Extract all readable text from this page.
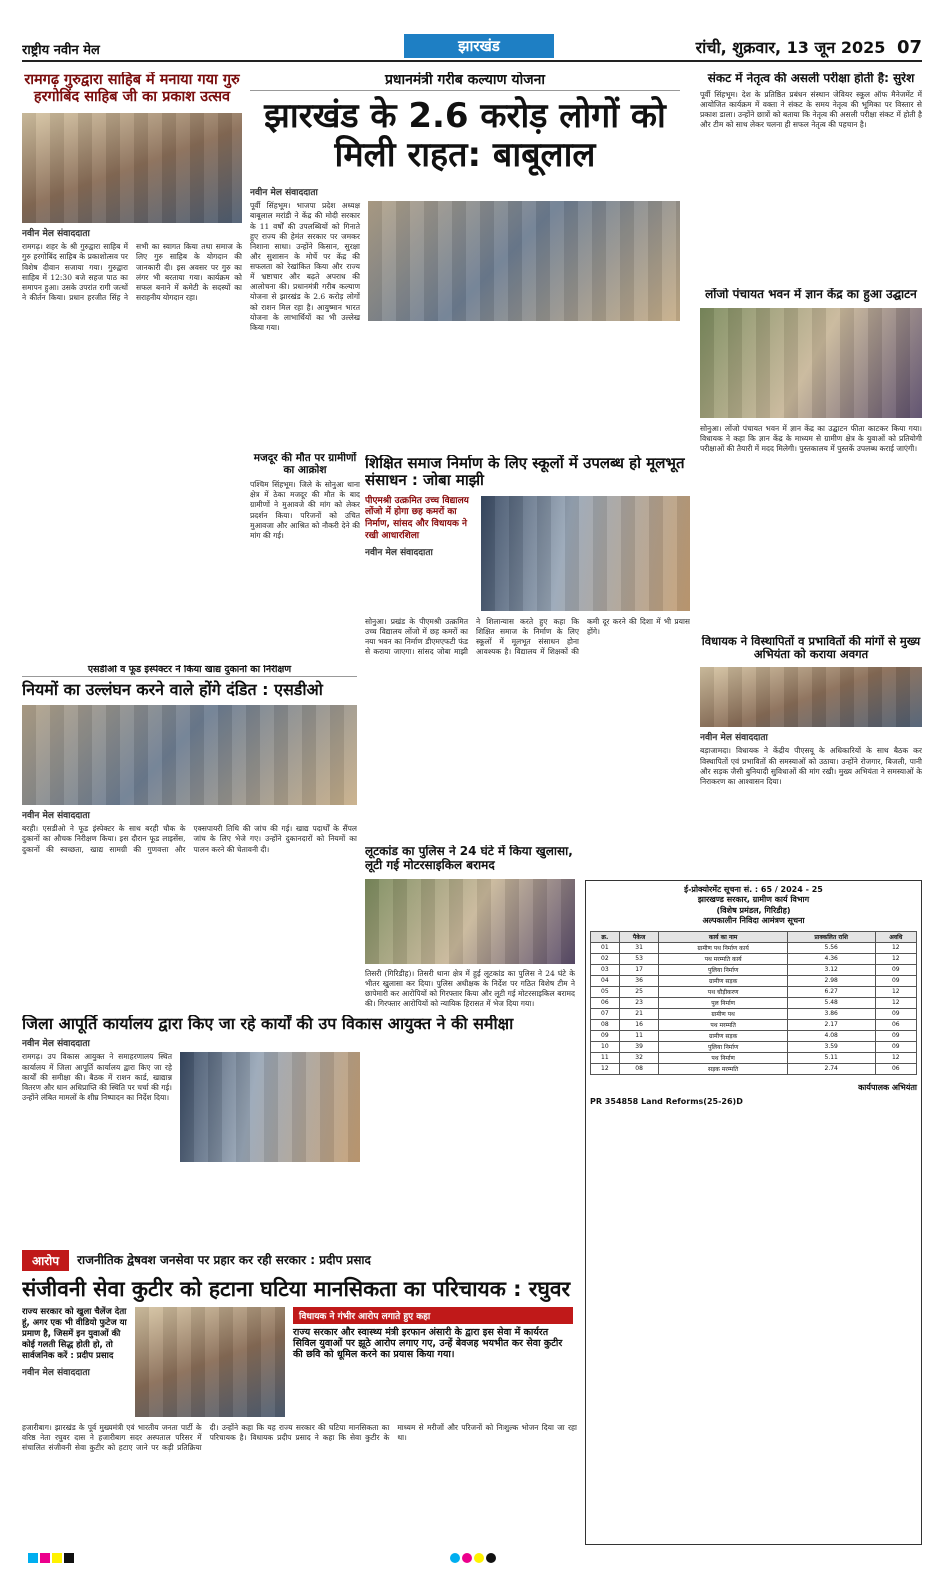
राष्ट्रीय नवीन मेल	झारखंड	रांची, शुक्रवार, 13 जून 2025 07
रामगढ़ गुरुद्वारा साहिब में मनाया गया गुरु हरगोबिंद साहिब जी का प्रकाश उत्सव
नवीन मेल संवाददाता
रामगढ़। शहर के श्री गुरुद्वारा साहिब में गुरु हरगोबिंद साहिब के प्रकाशोत्सव पर विशेष दीवान सजाया गया। गुरुद्वारा साहिब में 12:30 बजे सहज पाठ का समापन हुआ। उसके उपरांत रागी जत्थों ने कीर्तन किया। प्रधान हरजीत सिंह ने सभी का स्वागत किया तथा समाज के लिए गुरु साहिब के योगदान की जानकारी दी। इस अवसर पर गुरु का लंगर भी बरताया गया। कार्यक्रम को सफल बनाने में कमेटी के सदस्यों का सराहनीय योगदान रहा।
प्रधानमंत्री गरीब कल्याण योजना
झारखंड के 2.6 करोड़ लोगों को मिली राहत: बाबूलाल
नवीन मेल संवाददाता
पूर्वी सिंहभूम। भाजपा प्रदेश अध्यक्ष बाबूलाल मरांडी ने केंद्र की मोदी सरकार के 11 वर्षों की उपलब्धियों को गिनाते हुए राज्य की हेमंत सरकार पर जमकर निशाना साधा। उन्होंने किसान, सुरक्षा और सुशासन के मोर्चे पर केंद्र की सफलता को रेखांकित किया और राज्य में भ्रष्टाचार और बढ़ते अपराध की आलोचना की। प्रधानमंत्री गरीब कल्याण योजना से झारखंड के 2.6 करोड़ लोगों को राशन मिल रहा है। आयुष्मान भारत योजना के लाभार्थियों का भी उल्लेख किया गया।
मजदूर की मौत पर ग्रामीणों का आक्रोश
पश्चिम सिंहभूम। जिले के सोनुआ थाना क्षेत्र में ठेका मजदूर की मौत के बाद ग्रामीणों ने मुआवजे की मांग को लेकर प्रदर्शन किया। परिजनों को उचित मुआवजा और आश्रित को नौकरी देने की मांग की गई।
संकट में नेतृत्व की असली परीक्षा होती है: सुरेश
पूर्वी सिंहभूम। देश के प्रतिष्ठित प्रबंधन संस्थान जेवियर स्कूल ऑफ मैनेजमेंट में आयोजित कार्यक्रम में वक्ता ने संकट के समय नेतृत्व की भूमिका पर विस्तार से प्रकाश डाला। उन्होंने छात्रों को बताया कि नेतृत्व की असली परीक्षा संकट में होती है और टीम को साथ लेकर चलना ही सफल नेतृत्व की पहचान है।
लोंजो पंचायत भवन में ज्ञान केंद्र का हुआ उद्घाटन
सोनुआ। लोंजो पंचायत भवन में ज्ञान केंद्र का उद्घाटन फीता काटकर किया गया। विधायक ने कहा कि ज्ञान केंद्र के माध्यम से ग्रामीण क्षेत्र के युवाओं को प्रतियोगी परीक्षाओं की तैयारी में मदद मिलेगी। पुस्तकालय में पुस्तकें उपलब्ध कराई जाएंगी।
शिक्षित समाज निर्माण के लिए स्कूलों में उपलब्ध हो मूलभूत संसाधन : जोबा माझी
पीएमश्री उत्क्रमित उच्च विद्यालय लोंजो में होगा छह कमरों का निर्माण, सांसद और विधायक ने रखी आधारशिला
नवीन मेल संवाददाता
सोनुआ। प्रखंड के पीएमश्री उत्क्रमित उच्च विद्यालय लोंजो में छह कमरों का नया भवन का निर्माण डीएमएफटी फंड से कराया जाएगा। सांसद जोबा माझी ने शिलान्यास करते हुए कहा कि शिक्षित समाज के निर्माण के लिए स्कूलों में मूलभूत संसाधन होना आवश्यक है। विद्यालय में शिक्षकों की कमी दूर करने की दिशा में भी प्रयास होंगे।
विधायक ने विस्थापितों व प्रभावितों की मांगों से मुख्य अभियंता को कराया अवगत
नवीन मेल संवाददाता
बड़ाजामदा। विधायक ने केंद्रीय पीएसयू के अधिकारियों के साथ बैठक कर विस्थापितों एवं प्रभावितों की समस्याओं को उठाया। उन्होंने रोजगार, बिजली, पानी और सड़क जैसी बुनियादी सुविधाओं की मांग रखी। मुख्य अभियंता ने समस्याओं के निराकरण का आश्वासन दिया।
एसडीओ व फूड इंस्पेक्टर ने किया खाद्य दुकानों का निरीक्षण
नियमों का उल्लंघन करने वाले होंगे दंडित : एसडीओ
नवीन मेल संवाददाता
बरही। एसडीओ ने फूड इंस्पेक्टर के साथ बरही चौक के दुकानों का औचक निरीक्षण किया। इस दौरान फूड लाइसेंस, दुकानों की स्वच्छता, खाद्य सामग्री की गुणवत्ता और एक्सपायरी तिथि की जांच की गई। खाद्य पदार्थों के सैंपल जांच के लिए भेजे गए। उन्होंने दुकानदारों को नियमों का पालन करने की चेतावनी दी।	लूटकांड का पुलिस ने 24 घंटे में किया खुलासा, लूटी गई मोटरसाइकिल बरामद
तिसरी (गिरिडीह)। तिसरी थाना क्षेत्र में हुई लूटकांड का पुलिस ने 24 घंटे के भीतर खुलासा कर दिया। पुलिस अधीक्षक के निर्देश पर गठित विशेष टीम ने छापेमारी कर आरोपियों को गिरफ्तार किया और लूटी गई मोटरसाइकिल बरामद की। गिरफ्तार आरोपियों को न्यायिक हिरासत में भेज दिया गया।
जिला आपूर्ति कार्यालय द्वारा किए जा रहे कार्यों की उप विकास आयुक्त ने की समीक्षा
नवीन मेल संवाददाता
रामगढ़। उप विकास आयुक्त ने समाहरणालय स्थित कार्यालय में जिला आपूर्ति कार्यालय द्वारा किए जा रहे कार्यों की समीक्षा की। बैठक में राशन कार्ड, खाद्यान्न वितरण और धान अधिप्राप्ति की स्थिति पर चर्चा की गई। उन्होंने लंबित मामलों के शीघ्र निष्पादन का निर्देश दिया।
ई-प्रोक्योरमेंट सूचना सं. : 65 / 2024 - 25
झारखण्ड सरकार, ग्रामीण कार्य विभाग
(विशेष प्रमंडल, गिरिडीह)
अल्पकालीन निविदा आमंत्रण सूचना
क्र.	पैकेज	कार्य का नाम	प्राक्कलित राशि	अवधि
01	31	ग्रामीण पथ निर्माण कार्य	5.56	12
02	53	पथ मरम्मति कार्य	4.36	12
03	17	पुलिया निर्माण	3.12	09
04	36	ग्रामीण सड़क	2.98	09
05	25	पथ चौड़ीकरण	6.27	12
06	23	पुल निर्माण	5.48	12
07	21	ग्रामीण पथ	3.86	09
08	16	पथ मरम्मति	2.17	06
09	11	ग्रामीण सड़क	4.08	09
10	39	पुलिया निर्माण	3.59	09
11	32	पथ निर्माण	5.11	12
12	08	सड़क मरम्मति	2.74	06
कार्यपालक अभियंता
PR 354858 Land Reforms(25-26)D
आरोप	राजनीतिक द्वेषवश जनसेवा पर प्रहार कर रही सरकार : प्रदीप प्रसाद
संजीवनी सेवा कुटीर को हटाना घटिया मानसिकता का परिचायक : रघुवर
राज्य सरकार को खुला चैलेंज देता हूं, अगर एक भी वीडियो फुटेज या प्रमाण है, जिसमें इन युवाओं की कोई गलती सिद्ध होती हो, तो सार्वजनिक करें : प्रदीप प्रसाद
नवीन मेल संवाददाता
विधायक ने गंभीर आरोप लगाते हुए कहा
राज्य सरकार और स्वास्थ्य मंत्री इरफान अंसारी के द्वारा इस सेवा में कार्यरत सिविल युवाओं पर झूठे आरोप लगाए गए, उन्हें बेवजह भयभीत कर सेवा कुटीर की छवि को धूमिल करने का प्रयास किया गया।
हजारीबाग। झारखंड के पूर्व मुख्यमंत्री एवं भारतीय जनता पार्टी के वरिष्ठ नेता रघुवर दास ने हजारीबाग सदर अस्पताल परिसर में संचालित संजीवनी सेवा कुटीर को हटाए जाने पर कड़ी प्रतिक्रिया दी। उन्होंने कहा कि यह राज्य सरकार की घटिया मानसिकता का परिचायक है। विधायक प्रदीप प्रसाद ने कहा कि सेवा कुटीर के माध्यम से मरीजों और परिजनों को निःशुल्क भोजन दिया जा रहा था।
